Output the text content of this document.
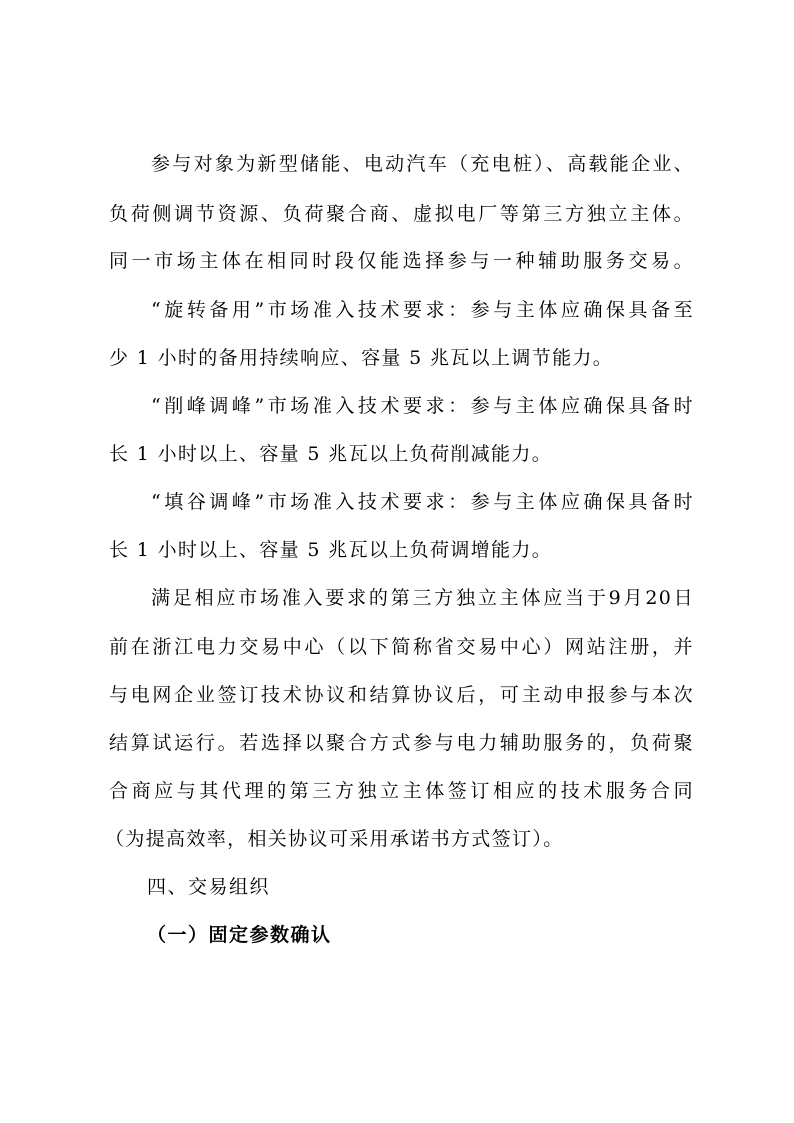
参与对象为新型储能、电动汽车（充电桩）、高载能企业、
负荷侧调节资源、负荷聚合商、虚拟电厂等第三方独立主体。
同一市场主体在相同时段仅能选择参与一种辅助服务交易。
“旋转备用”市场准入技术要求：参与主体应确保具备至
少 1 小时的备用持续响应、容量 5 兆瓦以上调节能力。
“削峰调峰”市场准入技术要求：参与主体应确保具备时
长 1 小时以上、容量 5 兆瓦以上负荷削减能力。
“填谷调峰”市场准入技术要求：参与主体应确保具备时
长 1 小时以上、容量 5 兆瓦以上负荷调增能力。
满足相应市场准入要求的第三方独立主体应当于9月20日
前在浙江电力交易中心（以下简称省交易中心）网站注册，并
与电网企业签订技术协议和结算协议后，可主动申报参与本次
结算试运行。若选择以聚合方式参与电力辅助服务的，负荷聚
合商应与其代理的第三方独立主体签订相应的技术服务合同
（为提高效率，相关协议可采用承诺书方式签订）。
四、交易组织
（一）固定参数确认
